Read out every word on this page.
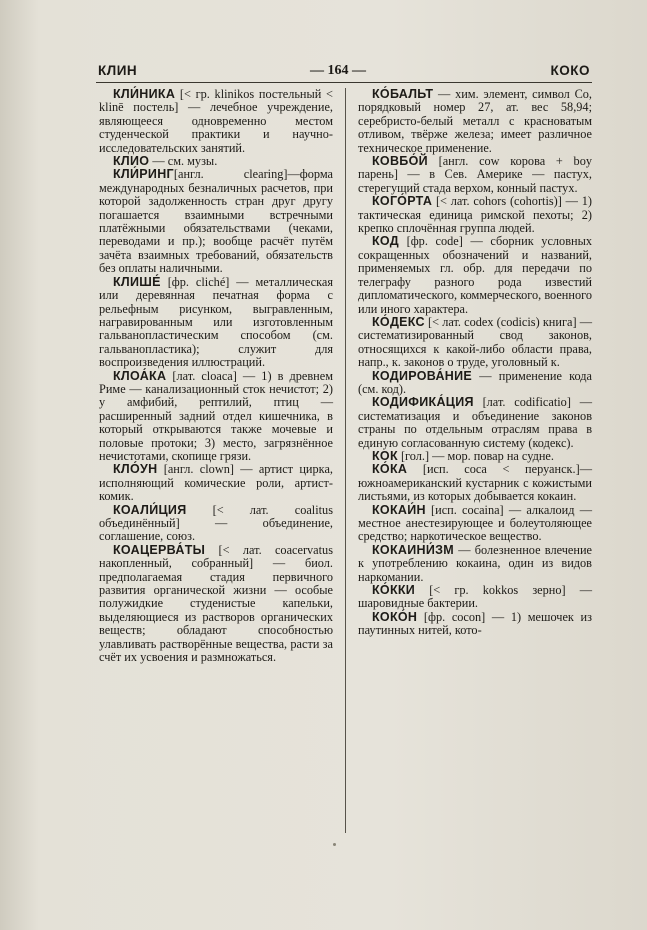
КЛИН	— 164 —	КОКО
КЛИ́НИКА [< гр. klinikos постельный < klinē постель] — лечебное учреждение, являющееся одновременно местом студенческой практики и научно-исследовательских занятий.
КЛИО — см. музы.
КЛИ́РИНГ[англ. clearing]—форма международных безналичных расчетов, при которой задолженность стран друг другу погашается взаимными встречными платёжными обязательствами (чеками, переводами и пр.); вообще расчёт путём зачёта взаимных требований, обязательств без оплаты наличными.
КЛИШЕ́ [фр. cliché] — металлическая или деревянная печатная форма с рельефным рисунком, выгравленным, награвированным или изготовленным гальванопластическим способом (см. гальванопластика); служит для воспроизведения иллюстраций.
КЛОА́КА [лат. cloaca] — 1) в древнем Риме — канализационный сток нечистот; 2) у амфибий, рептилий, птиц — расширенный задний отдел кишечника, в который открываются также мочевые и половые протоки; 3) место, загрязнённое нечистотами, скопище грязи.
КЛО́УН [англ. clown] — артист цирка, исполняющий комические роли, артист-комик.
КОАЛИ́ЦИЯ [< лат. coalitus объединённый] — объединение, соглашение, союз.
КОАЦЕРВА́ТЫ [< лат. coacervatus накопленный, собранный] — биол. предполагаемая стадия первичного развития органической жизни — особые полужидкие студенистые капельки, выделяющиеся из растворов органических веществ; обладают способностью улавливать растворённые вещества, расти за счёт их усвоения и размножаться.
КО́БАЛЬТ — хим. элемент, символ Co, порядковый номер 27, ат. вес 58,94; серебристо-белый металл с красноватым отливом, твёрже железа; имеет различное техническое применение.
КОВБО́Й [англ. cow корова + boy парень] — в Сев. Америке — пастух, стерегущий стада верхом, конный пастух.
КОГО́РТА [< лат. cohors (cohortis)] — 1) тактическая единица римской пехоты; 2) крепко сплочённая группа людей.
КОД [фр. code] — сборник условных сокращенных обозначений и названий, применяемых гл. обр. для передачи по телеграфу разного рода известий дипломатического, коммерческого, военного или иного характера.
КО́ДЕКС [< лат. codex (codicis) книга] — систематизированный свод законов, относящихся к какой-либо области права, напр., к. законов о труде, уголовный к.
КОДИРОВА́НИЕ — применение кода (см. код).
КОДИФИКА́ЦИЯ [лат. codificatio] — систематизация и объединение законов страны по отдельным отраслям права в единую согласованную систему (кодекс).
КОК [гол.] — мор. повар на судне.
КО́КА [исп. coca < перуанск.]— южноамериканский кустарник с кожистыми листьями, из которых добывается кокаин.
КОКАИ́Н [исп. cocaina] — алкалоид — местное анестезирующее и болеутоляющее средство; наркотическое вещество.
КОКАИНИ́ЗМ — болезненное влечение к употреблению кокаина, один из видов наркомании.
КО́ККИ [< гр. kokkos зерно] — шаровидные бактерии.
КОКО́Н [фр. cocon] — 1) мешочек из паутинных нитей, кото-
